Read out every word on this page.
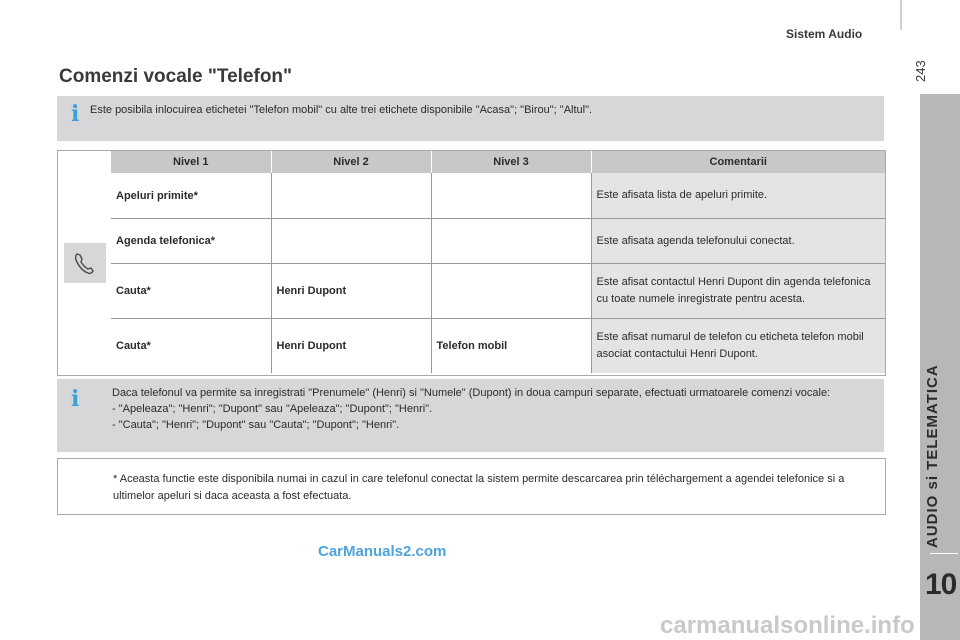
Sistem Audio
243
AUDIO si TELEMATICA
10
Comenzi vocale "Telefon"
i Este posibila inlocuirea etichetei "Telefon mobil" cu alte trei etichete disponibile "Acasa"; "Birou"; "Altul".
Nivel 1	Nivel 2	Nivel 3	Comentarii
Apeluri primite*			Este afisata lista de apeluri primite.
Agenda telefonica*			Este afisata agenda telefonului conectat.
Cauta*	Henri Dupont		Este afisat contactul Henri Dupont din agenda telefonica cu toate numele inregistrate pentru acesta.
Cauta*	Henri Dupont	Telefon mobil	Este afisat numarul de telefon cu eticheta telefon mobil asociat contactului Henri Dupont.
i	Daca telefonul va permite sa inregistrati "Prenumele" (Henri) si "Numele" (Dupont) in doua campuri separate, efectuati urmatoarele comenzi vocale:
- "Apeleaza"; "Henri"; "Dupont" sau "Apeleaza"; "Dupont"; "Henri".
- "Cauta"; "Henri"; "Dupont" sau "Cauta"; "Dupont"; "Henri".
* Aceasta functie este disponibila numai in cazul in care telefonul conectat la sistem permite descarcarea prin téléchargement a agendei telefonice si a ultimelor apeluri si daca aceasta a fost efectuata.
CarManuals2.com
carmanualsonline.info
